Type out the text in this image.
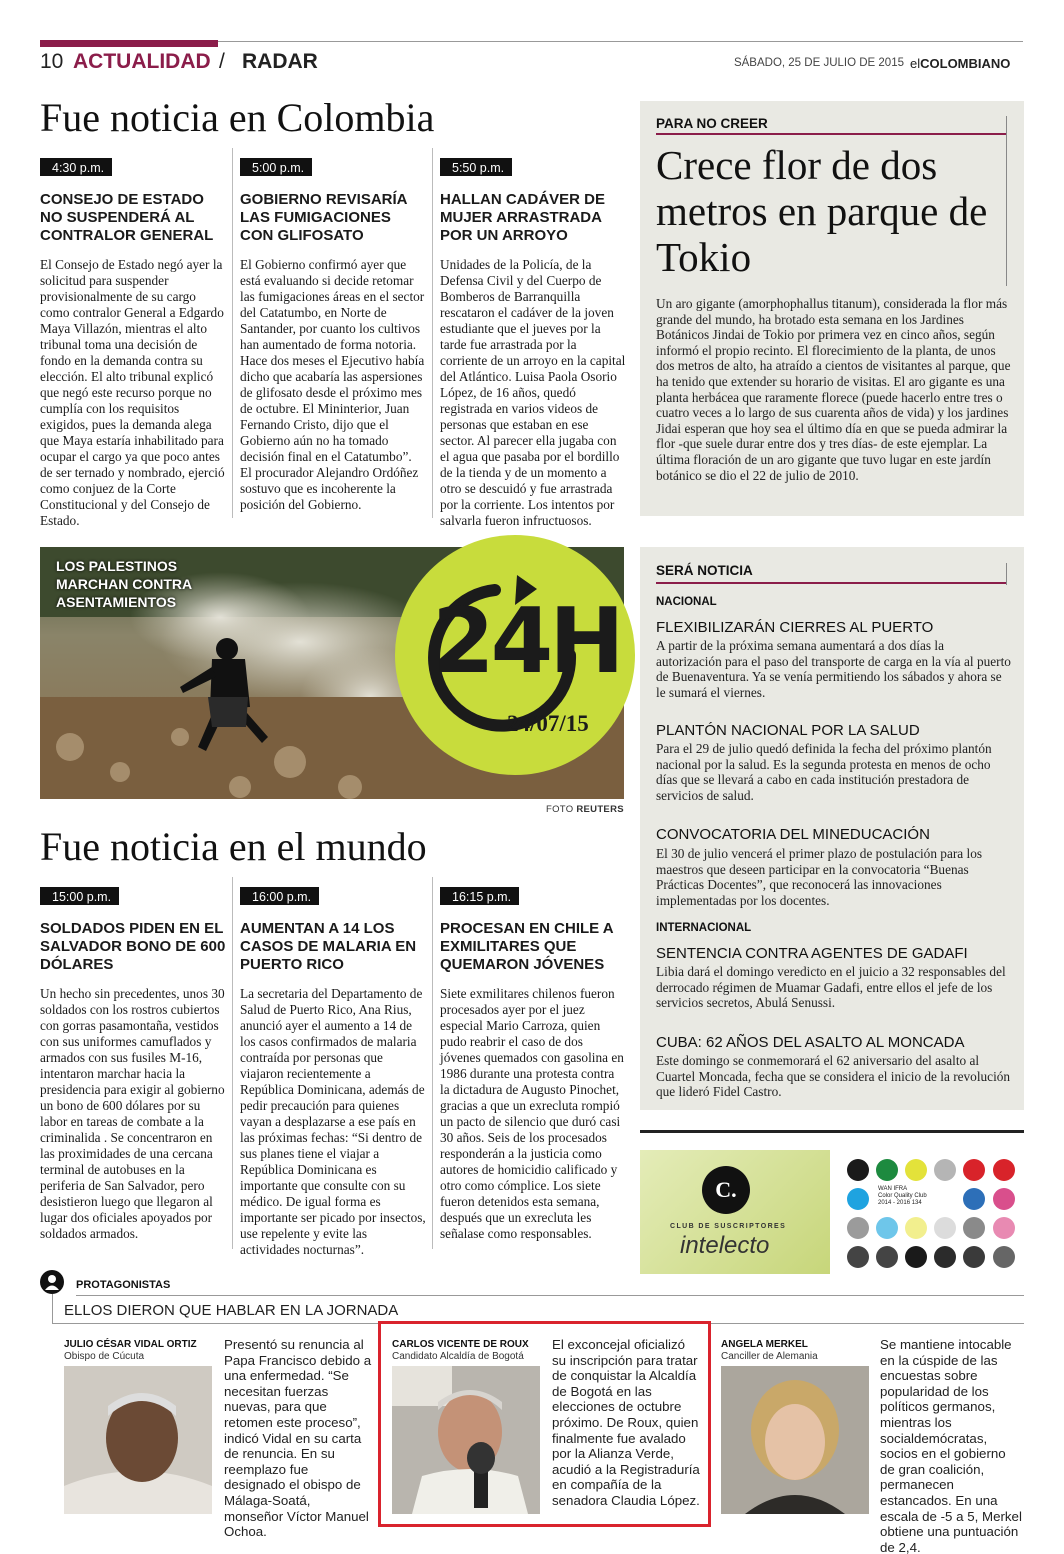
10 ACTUALIDAD / RADAR	SÁBADO, 25 DE JULIO DE 2015 elCOLOMBIANO
Fue noticia en Colombia
4:30 p.m.
CONSEJO DE ESTADO NO SUSPENDERÁ AL CONTRALOR GENERAL
El Consejo de Estado negó ayer la solicitud para suspender provisionalmente de su cargo como contralor General a Edgardo Maya Villazón, mientras el alto tribunal toma una decisión de fondo en la demanda contra su elección. El alto tribunal explicó que negó este recurso porque no cumplía con los requisitos exigidos, pues la demanda alega que Maya estaría inhabilitado para ocupar el cargo ya que poco antes de ser ternado y nombrado, ejerció como conjuez de la Corte Constitucional y del Consejo de Estado.
5:00 p.m.
GOBIERNO REVISARÍA LAS FUMIGACIONES CON GLIFOSATO
El Gobierno confirmó ayer que está evaluando si decide retomar las fumigaciones áreas en el sector del Catatumbo, en Norte de Santander, por cuanto los cultivos han aumentado de forma notoria. Hace dos meses el Ejecutivo había dicho que acabaría las aspersiones de glifosato desde el próximo mes de octubre. El Mininterior, Juan Fernando Cristo, dijo que el Gobierno aún no ha tomado decisión final en el Catatumbo”. El procurador Alejandro Ordóñez sostuvo que es incoherente la posición del Gobierno.
5:50 p.m.
HALLAN CADÁVER DE MUJER ARRASTRADA POR UN ARROYO
Unidades de la Policía, de la Defensa Civil y del Cuerpo de Bomberos de Barranquilla rescataron el cadáver de la joven estudiante que el jueves por la tarde fue arrastrada por la corriente de un arroyo en la capital del Atlántico. Luisa Paola Osorio López, de 16 años, quedó registrada en varios videos de personas que estaban en ese sector. Al parecer ella jugaba con el agua que pasaba por el bordillo de la tienda y de un momento a otro se descuidó y fue arrastrada por la corriente. Los intentos por salvarla fueron infructuosos.
PARA NO CREER
Crece flor de dos metros en parque de Tokio
Un aro gigante (amorphophallus titanum), considerada la flor más grande del mundo, ha brotado esta semana en los Jardines Botánicos Jindai de Tokio por primera vez en cinco años, según informó el propio recinto. El florecimiento de la planta, de unos dos metros de alto, ha atraído a cientos de visitantes al parque, que ha tenido que extender su horario de visitas. El aro gigante es una planta herbácea que raramente florece (puede hacerlo entre tres o cuatro veces a lo largo de sus cuarenta años de vida) y los jardines Jidai esperan que hoy sea el último día en que se pueda admirar la flor -que suele durar entre dos y tres días- de este ejemplar. La última floración de un aro gigante que tuvo lugar en este jardín botánico se dio el 22 de julio de 2010.
LOS PALESTINOS MARCHAN CONTRA ASENTAMIENTOS	24H
24/07/15
FOTO REUTERS
SERÁ NOTICIA
NACIONAL
FLEXIBILIZARÁN CIERRES AL PUERTO
A partir de la próxima semana aumentará a dos días la autorización para el paso del transporte de carga en la vía al puerto de Buenaventura. Ya se venía permitiendo los sábados y ahora se le sumará el viernes.
PLANTÓN NACIONAL POR LA SALUD
Para el 29 de julio quedó definida la fecha del próximo plantón nacional por la salud. Es la segunda protesta en menos de ocho días que se llevará a cabo en cada institución prestadora de servicios de salud.
CONVOCATORIA DEL MINEDUCACIÓN
El 30 de julio vencerá el primer plazo de postulación para los maestros que deseen participar en la convocatoria “Buenas Prácticas Docentes”, que reconocerá las innovaciones implementadas por los docentes.
INTERNACIONAL
SENTENCIA CONTRA AGENTES DE GADAFI
Libia dará el domingo veredicto en el juicio a 32 responsables del derrocado régimen de Muamar Gadafi, entre ellos el jefe de los servicios secretos, Abulá Senussi.
CUBA: 62 AÑOS DEL ASALTO AL MONCADA
Este domingo se conmemorará el 62 aniversario del asalto al Cuartel Moncada, fecha que se considera el inicio de la revolución que lideró Fidel Castro.
Fue noticia en el mundo
15:00 p.m.
SOLDADOS PIDEN EN EL SALVADOR BONO DE 600 DÓLARES
Un hecho sin precedentes, unos 30 soldados con los rostros cubiertos con gorras pasamontaña, vestidos con sus uniformes camuflados y armados con sus fusiles M-16, intentaron marchar hacia la presidencia para exigir al gobierno un bono de 600 dólares por su labor en tareas de combate a la criminalida . Se concentraron en las proximidades de una cercana terminal de autobuses en la periferia de San Salvador, pero desistieron luego que llegaron al lugar dos oficiales apoyados por soldados armados.
16:00 p.m.
AUMENTAN A 14 LOS CASOS DE MALARIA EN PUERTO RICO
La secretaria del Departamento de Salud de Puerto Rico, Ana Rius, anunció ayer el aumento a 14 de los casos confirmados de malaria contraída por personas que viajaron recientemente a República Dominicana, además de pedir precaución para quienes vayan a desplazarse a ese país en las próximas fechas: “Si dentro de sus planes tiene el viajar a República Dominicana es importante que consulte con su médico. De igual forma es importante ser picado por insectos, use repelente y evite las actividades nocturnas”.
16:15 p.m.
PROCESAN EN CHILE A EXMILITARES QUE QUEMARON JÓVENES
Siete exmilitares chilenos fueron procesados ayer por el juez especial Mario Carroza, quien pudo reabrir el caso de dos jóvenes quemados con gasolina en 1986 durante una protesta contra la dictadura de Augusto Pinochet, gracias a que un exrecluta rompió un pacto de silencio que duró casi 30 años. Seis de los procesados responderán a la justicia como autores de homicidio calificado y otro como cómplice. Los siete fueron detenidos esta semana, después que un exrecluta les señalase como responsables.
C.
CLUB DE SUSCRIPTORES
intelecto
WAN IFRA
Color Quality Club
2014 - 2016 134
PROTAGONISTAS
ELLOS DIERON QUE HABLAR EN LA JORNADA
JULIO CÉSAR VIDAL ORTIZ
Obispo de Cúcuta
Presentó su renuncia al Papa Francisco debido a una enfermedad. “Se necesitan fuerzas nuevas, para que retomen este proceso”, indicó Vidal en su carta de renuncia. En su reemplazo fue designado el obispo de Málaga-Soatá, monseñor Víctor Manuel Ochoa.
CARLOS VICENTE DE ROUX
Candidato Alcaldía de Bogotá
El exconcejal oficializó su inscripción para tratar de conquistar la Alcaldía de Bogotá en las elecciones de octubre próximo. De Roux, quien finalmente fue avalado por la Alianza Verde, acudió a la Registraduría en compañía de la senadora Claudia López.
ANGELA MERKEL
Canciller de Alemania
Se mantiene intocable en la cúspide de las encuestas sobre popularidad de los políticos germanos, mientras los socialdemócratas, socios en el gobierno de gran coalición, permanecen estancados. En una escala de -5 a 5, Merkel obtiene una puntuación de 2,4.
